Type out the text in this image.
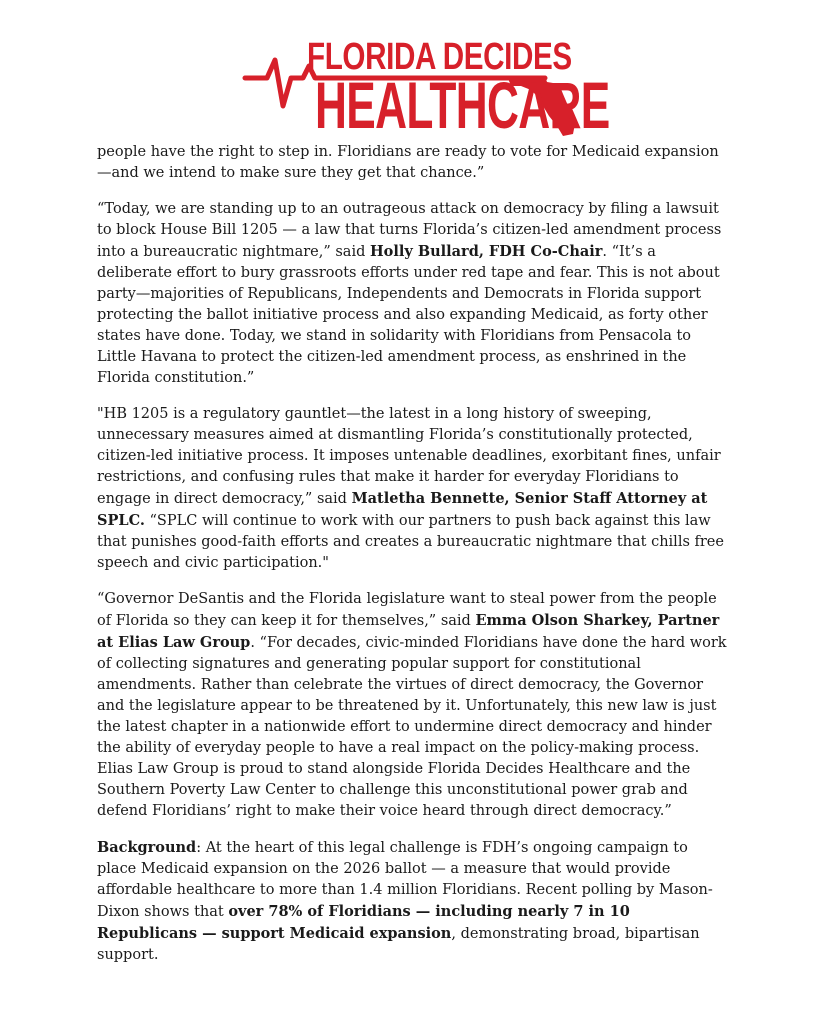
FLORIDA DECIDES
HEALTHCARE

people have the right to step in. Floridians are ready to vote for Medicaid expansion—and we intend to make sure they get that chance.”

“Today, we are standing up to an outrageous attack on democracy by filing a lawsuit to block House Bill 1205 — a law that turns Florida’s citizen-led amendment process into a bureaucratic nightmare,” said Holly Bullard, FDH Co-Chair. “It’s a deliberate effort to bury grassroots efforts under red tape and fear. This is not about party—majorities of Republicans, Independents and Democrats in Florida support protecting the ballot initiative process and also expanding Medicaid, as forty other states have done. Today, we stand in solidarity with Floridians from Pensacola to Little Havana to protect the citizen-led amendment process, as enshrined in the Florida constitution.”

"HB 1205 is a regulatory gauntlet—the latest in a long history of sweeping, unnecessary measures aimed at dismantling Florida’s constitutionally protected, citizen-led initiative process. It imposes untenable deadlines, exorbitant fines, unfair restrictions, and confusing rules that make it harder for everyday Floridians to engage in direct democracy,” said Matletha Bennette, Senior Staff Attorney at SPLC. “SPLC will continue to work with our partners to push back against this law that punishes good-faith efforts and creates a bureaucratic nightmare that chills free speech and civic participation."

“Governor DeSantis and the Florida legislature want to steal power from the people of Florida so they can keep it for themselves,” said Emma Olson Sharkey, Partner at Elias Law Group. “For decades, civic-minded Floridians have done the hard work of collecting signatures and generating popular support for constitutional amendments. Rather than celebrate the virtues of direct democracy, the Governor and the legislature appear to be threatened by it. Unfortunately, this new law is just the latest chapter in a nationwide effort to undermine direct democracy and hinder the ability of everyday people to have a real impact on the policy-making process. Elias Law Group is proud to stand alongside Florida Decides Healthcare and the Southern Poverty Law Center to challenge this unconstitutional power grab and defend Floridians’ right to make their voice heard through direct democracy.”

Background: At the heart of this legal challenge is FDH’s ongoing campaign to place Medicaid expansion on the 2026 ballot — a measure that would provide affordable healthcare to more than 1.4 million Floridians. Recent polling by Mason-Dixon shows that over 78% of Floridians — including nearly 7 in 10 Republicans — support Medicaid expansion, demonstrating broad, bipartisan support.
